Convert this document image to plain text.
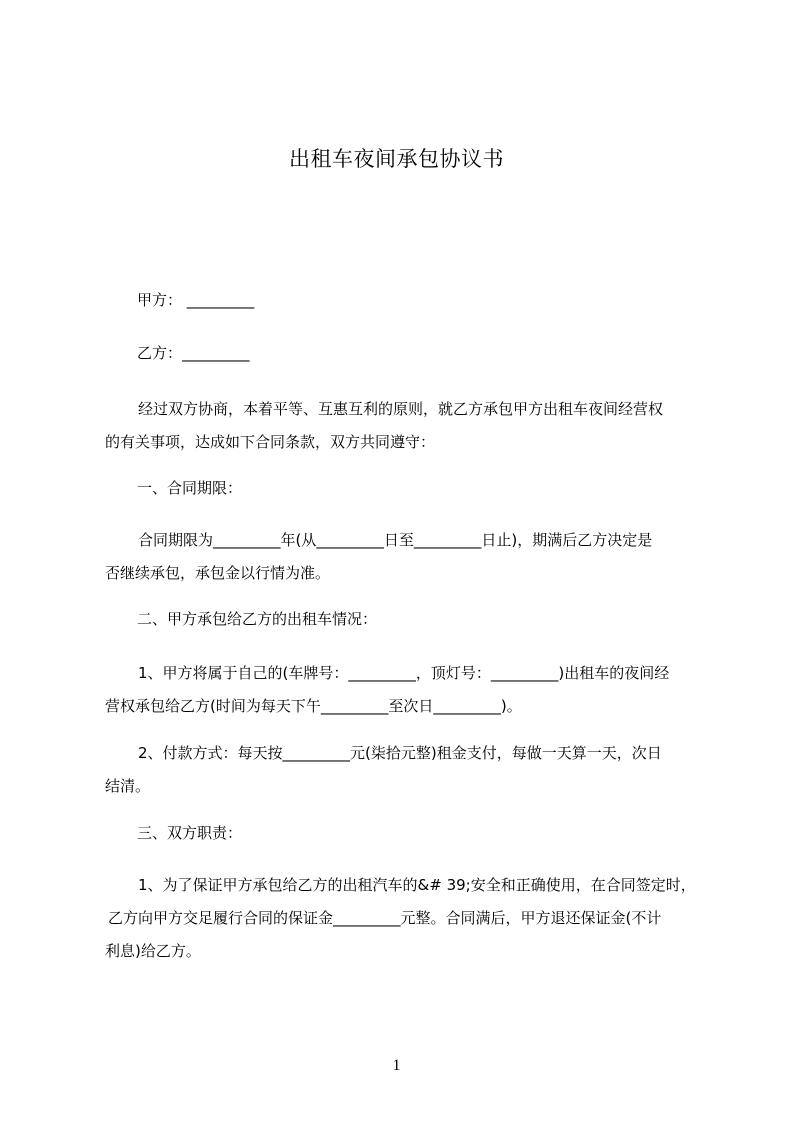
出租车夜间承包协议书
甲方： _________
乙方：_________
经过双方协商，本着平等、互惠互利的原则，就乙方承包甲方出租车夜间经营权
的有关事项，达成如下合同条款，双方共同遵守：
一、合同期限：
合同期限为_________年(从_________日至_________日止)，期满后乙方决定是
否继续承包，承包金以行情为准。
二、甲方承包给乙方的出租车情况：
1、甲方将属于自己的(车牌号：_________，顶灯号：_________)出租车的夜间经
营权承包给乙方(时间为每天下午_________至次日_________)。
2、付款方式：每天按_________元(柒拾元整)租金支付，每做一天算一天，次日
结清。
三、双方职责：
1、为了保证甲方承包给乙方的出租汽车的&# 39;安全和正确使用，在合同签定时，
乙方向甲方交足履行合同的保证金_________元整。合同满后，甲方退还保证金(不计
利息)给乙方。
1
